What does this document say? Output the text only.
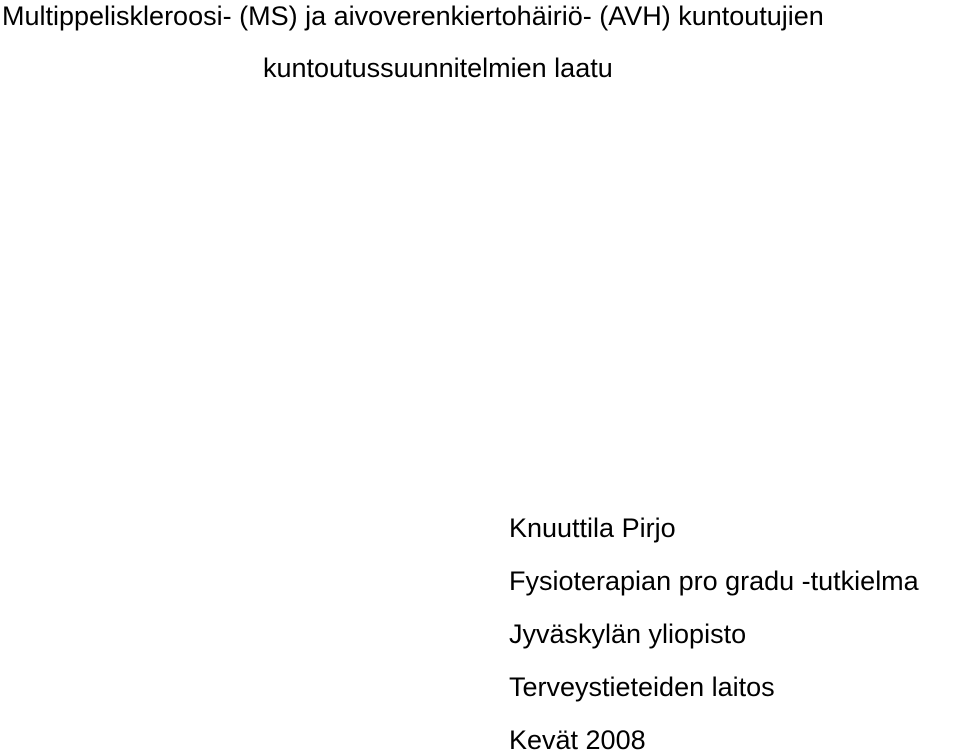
Multippeliskleroosi- (MS) ja aivoverenkiertohäiriö- (AVH) kuntoutujien
kuntoutussuunnitelmien laatu
Knuuttila Pirjo
Fysioterapian pro gradu -tutkielma
Jyväskylän yliopisto
Terveystieteiden laitos
Kevät 2008
